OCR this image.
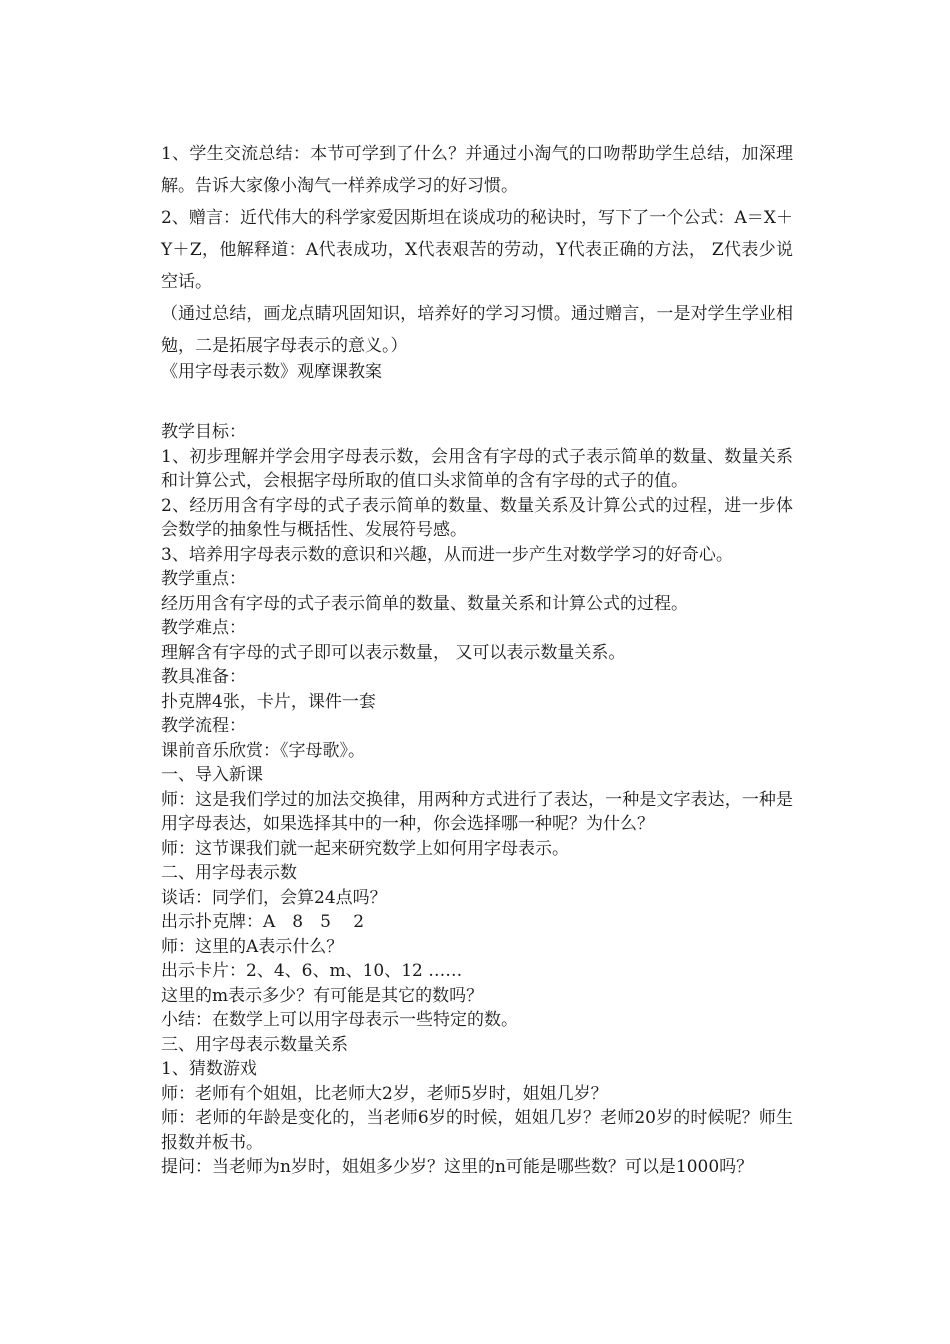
1、学生交流总结：本节可学到了什么？并通过小淘气的口吻帮助学生总结，加深理解。告诉大家像小淘气一样养成学习的好习惯。

2、赠言：近代伟大的科学家爱因斯坦在谈成功的秘诀时，写下了一个公式：A＝X＋Y＋Z，他解释道：A代表成功，X代表艰苦的劳动，Y代表正确的方法， Z代表少说空话。

（通过总结，画龙点睛巩固知识，培养好的学习习惯。通过赠言，一是对学生学业相勉，二是拓展字母表示的意义。）

《用字母表示数》观摩课教案

教学目标：

1、初步理解并学会用字母表示数，会用含有字母的式子表示简单的数量、数量关系和计算公式，会根据字母所取的值口头求简单的含有字母的式子的值。

2、经历用含有字母的式子表示简单的数量、数量关系及计算公式的过程，进一步体会数学的抽象性与概括性、发展符号感。

3、培养用字母表示数的意识和兴趣，从而进一步产生对数学学习的好奇心。

教学重点：

经历用含有字母的式子表示简单的数量、数量关系和计算公式的过程。

教学难点：

理解含有字母的式子即可以表示数量， 又可以表示数量关系。

教具准备：

扑克牌4张，卡片，课件一套

教学流程：

课前音乐欣赏：《字母歌》。

一、导入新课

师：这是我们学过的加法交换律，用两种方式进行了表达，一种是文字表达，一种是用字母表达，如果选择其中的一种，你会选择哪一种呢？为什么？

师：这节课我们就一起来研究数学上如何用字母表示。

二、用字母表示数

谈话：同学们，会算24点吗？

出示扑克牌：A　8　5　 2

师：这里的A表示什么？

出示卡片：2、4、6、m、10、12 ……

这里的m表示多少？有可能是其它的数吗？

小结：在数学上可以用字母表示一些特定的数。

三、用字母表示数量关系

1、猜数游戏

师：老师有个姐姐，比老师大2岁，老师5岁时，姐姐几岁？

师：老师的年龄是变化的，当老师6岁的时候，姐姐几岁？老师20岁的时候呢？师生报数并板书。

提问：当老师为n岁时，姐姐多少岁？这里的n可能是哪些数？可以是1000吗？
